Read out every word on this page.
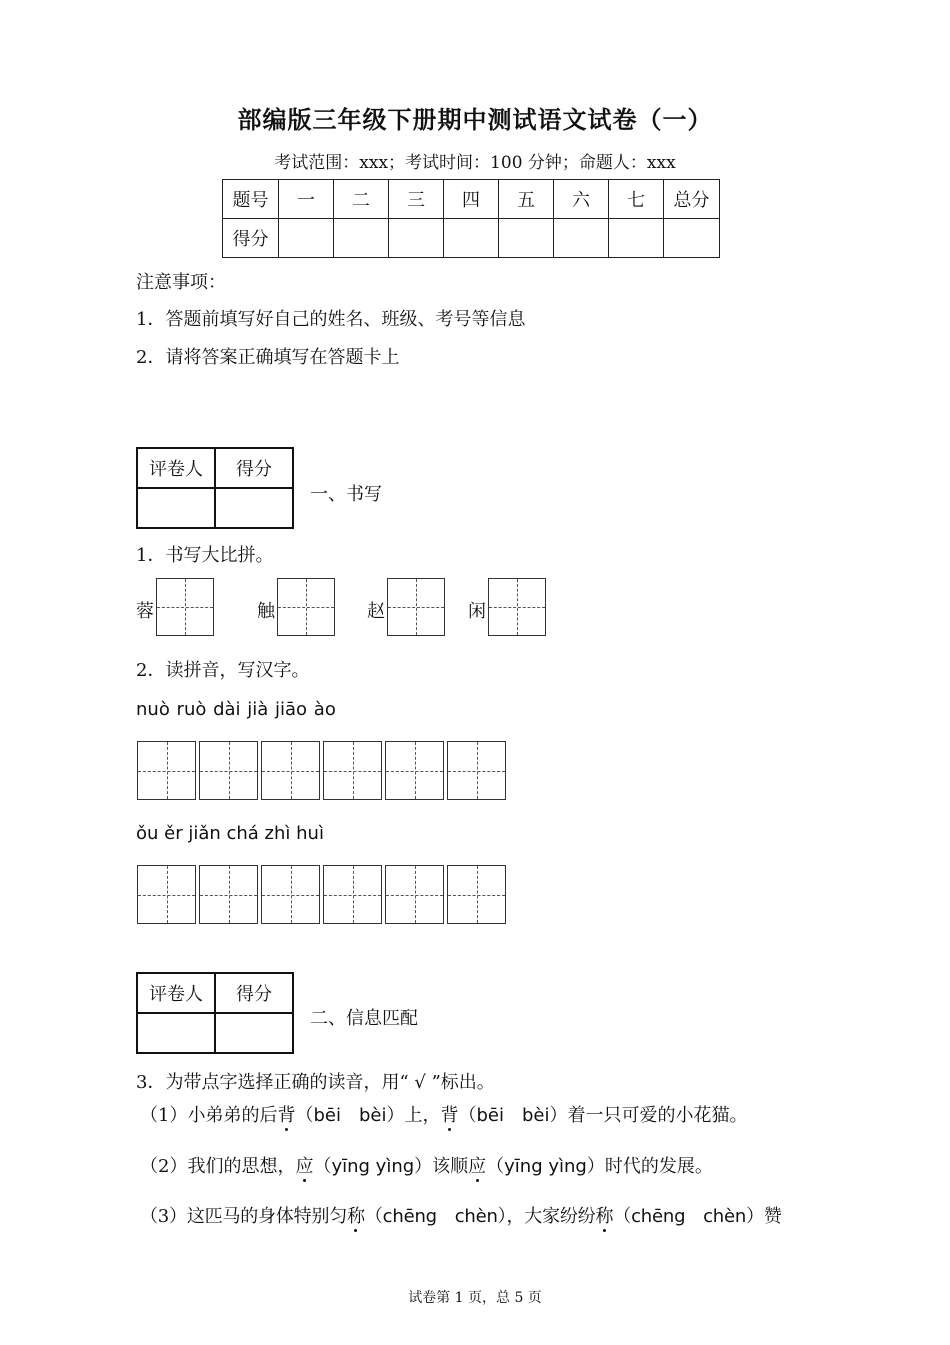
部编版三年级下册期中测试语文试卷（一）
考试范围：xxx；考试时间：100 分钟；命题人：xxx
题号	一	二	三	四	五	六	七	总分
得分								
注意事项：
1．答题前填写好自己的姓名、班级、考号等信息
2．请将答案正确填写在答题卡上
评卷人	得分

一、书写
1．书写大比拼。
蓉	触	赵	闲
2．读拼音，写汉字。
nuò ruò dài jià jiāo ào
ǒu ěr jiǎn chá zhì huì
评卷人	得分

二、信息匹配
3．为带点字选择正确的读音，用“ √ ”标出。
（1）小弟弟的后背（bēi　bèi）上，背（bēi　bèi）着一只可爱的小花猫。
（2）我们的思想，应（yīng yìng）该顺应（yīng yìng）时代的发展。
（3）这匹马的身体特别匀称（chēng　chèn），大家纷纷称（chēng　chèn）赞
试卷第 1 页，总 5 页
